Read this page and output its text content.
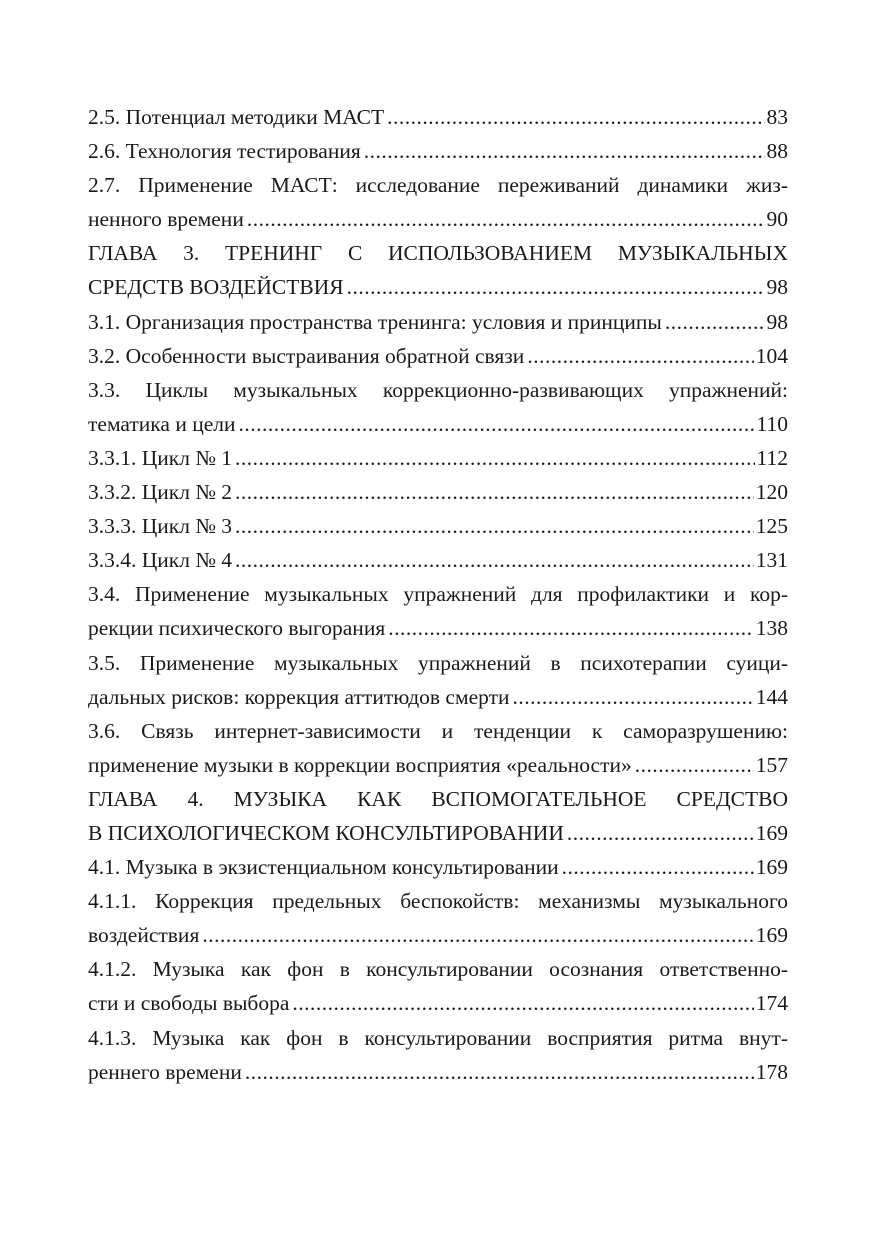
2.5. Потенциал методики МАСТ .....	83
2.6. Технология тестирования .....	88
2.7. Применение МАСТ: исследование переживаний динамики жиз-
ненного времени .....	90
ГЛАВА 3. ТРЕНИНГ С ИСПОЛЬЗОВАНИЕМ МУЗЫКАЛЬНЫХ
СРЕДСТВ ВОЗДЕЙСТВИЯ .....	98
3.1. Организация пространства тренинга: условия и принципы .....	98
3.2. Особенности выстраивания обратной связи .....	104
3.3. Циклы музыкальных коррекционно-развивающих упражнений:
тематика и цели .....	110
3.3.1. Цикл № 1 .....	112
3.3.2. Цикл № 2 .....	120
3.3.3. Цикл № 3 .....	125
3.3.4. Цикл № 4 .....	131
3.4. Применение музыкальных упражнений для профилактики и кор-
рекции психического выгорания .....	138
3.5. Применение музыкальных упражнений в психотерапии суици-
дальных рисков: коррекция аттитюдов смерти .....	144
3.6. Связь интернет-зависимости и тенденции к саморазрушению:
применение музыки в коррекции восприятия «реальности» .....	157
ГЛАВА 4. МУЗЫКА КАК ВСПОМОГАТЕЛЬНОЕ СРЕДСТВО
В ПСИХОЛОГИЧЕСКОМ КОНСУЛЬТИРОВАНИИ .....	169
4.1. Музыка в экзистенциальном консультировании .....	169
4.1.1. Коррекция предельных беспокойств: механизмы музыкального
воздействия .....	169
4.1.2. Музыка как фон в консультировании осознания ответственно-
сти и свободы выбора .....	174
4.1.3. Музыка как фон в консультировании восприятия ритма внут-
реннего времени .....	178
